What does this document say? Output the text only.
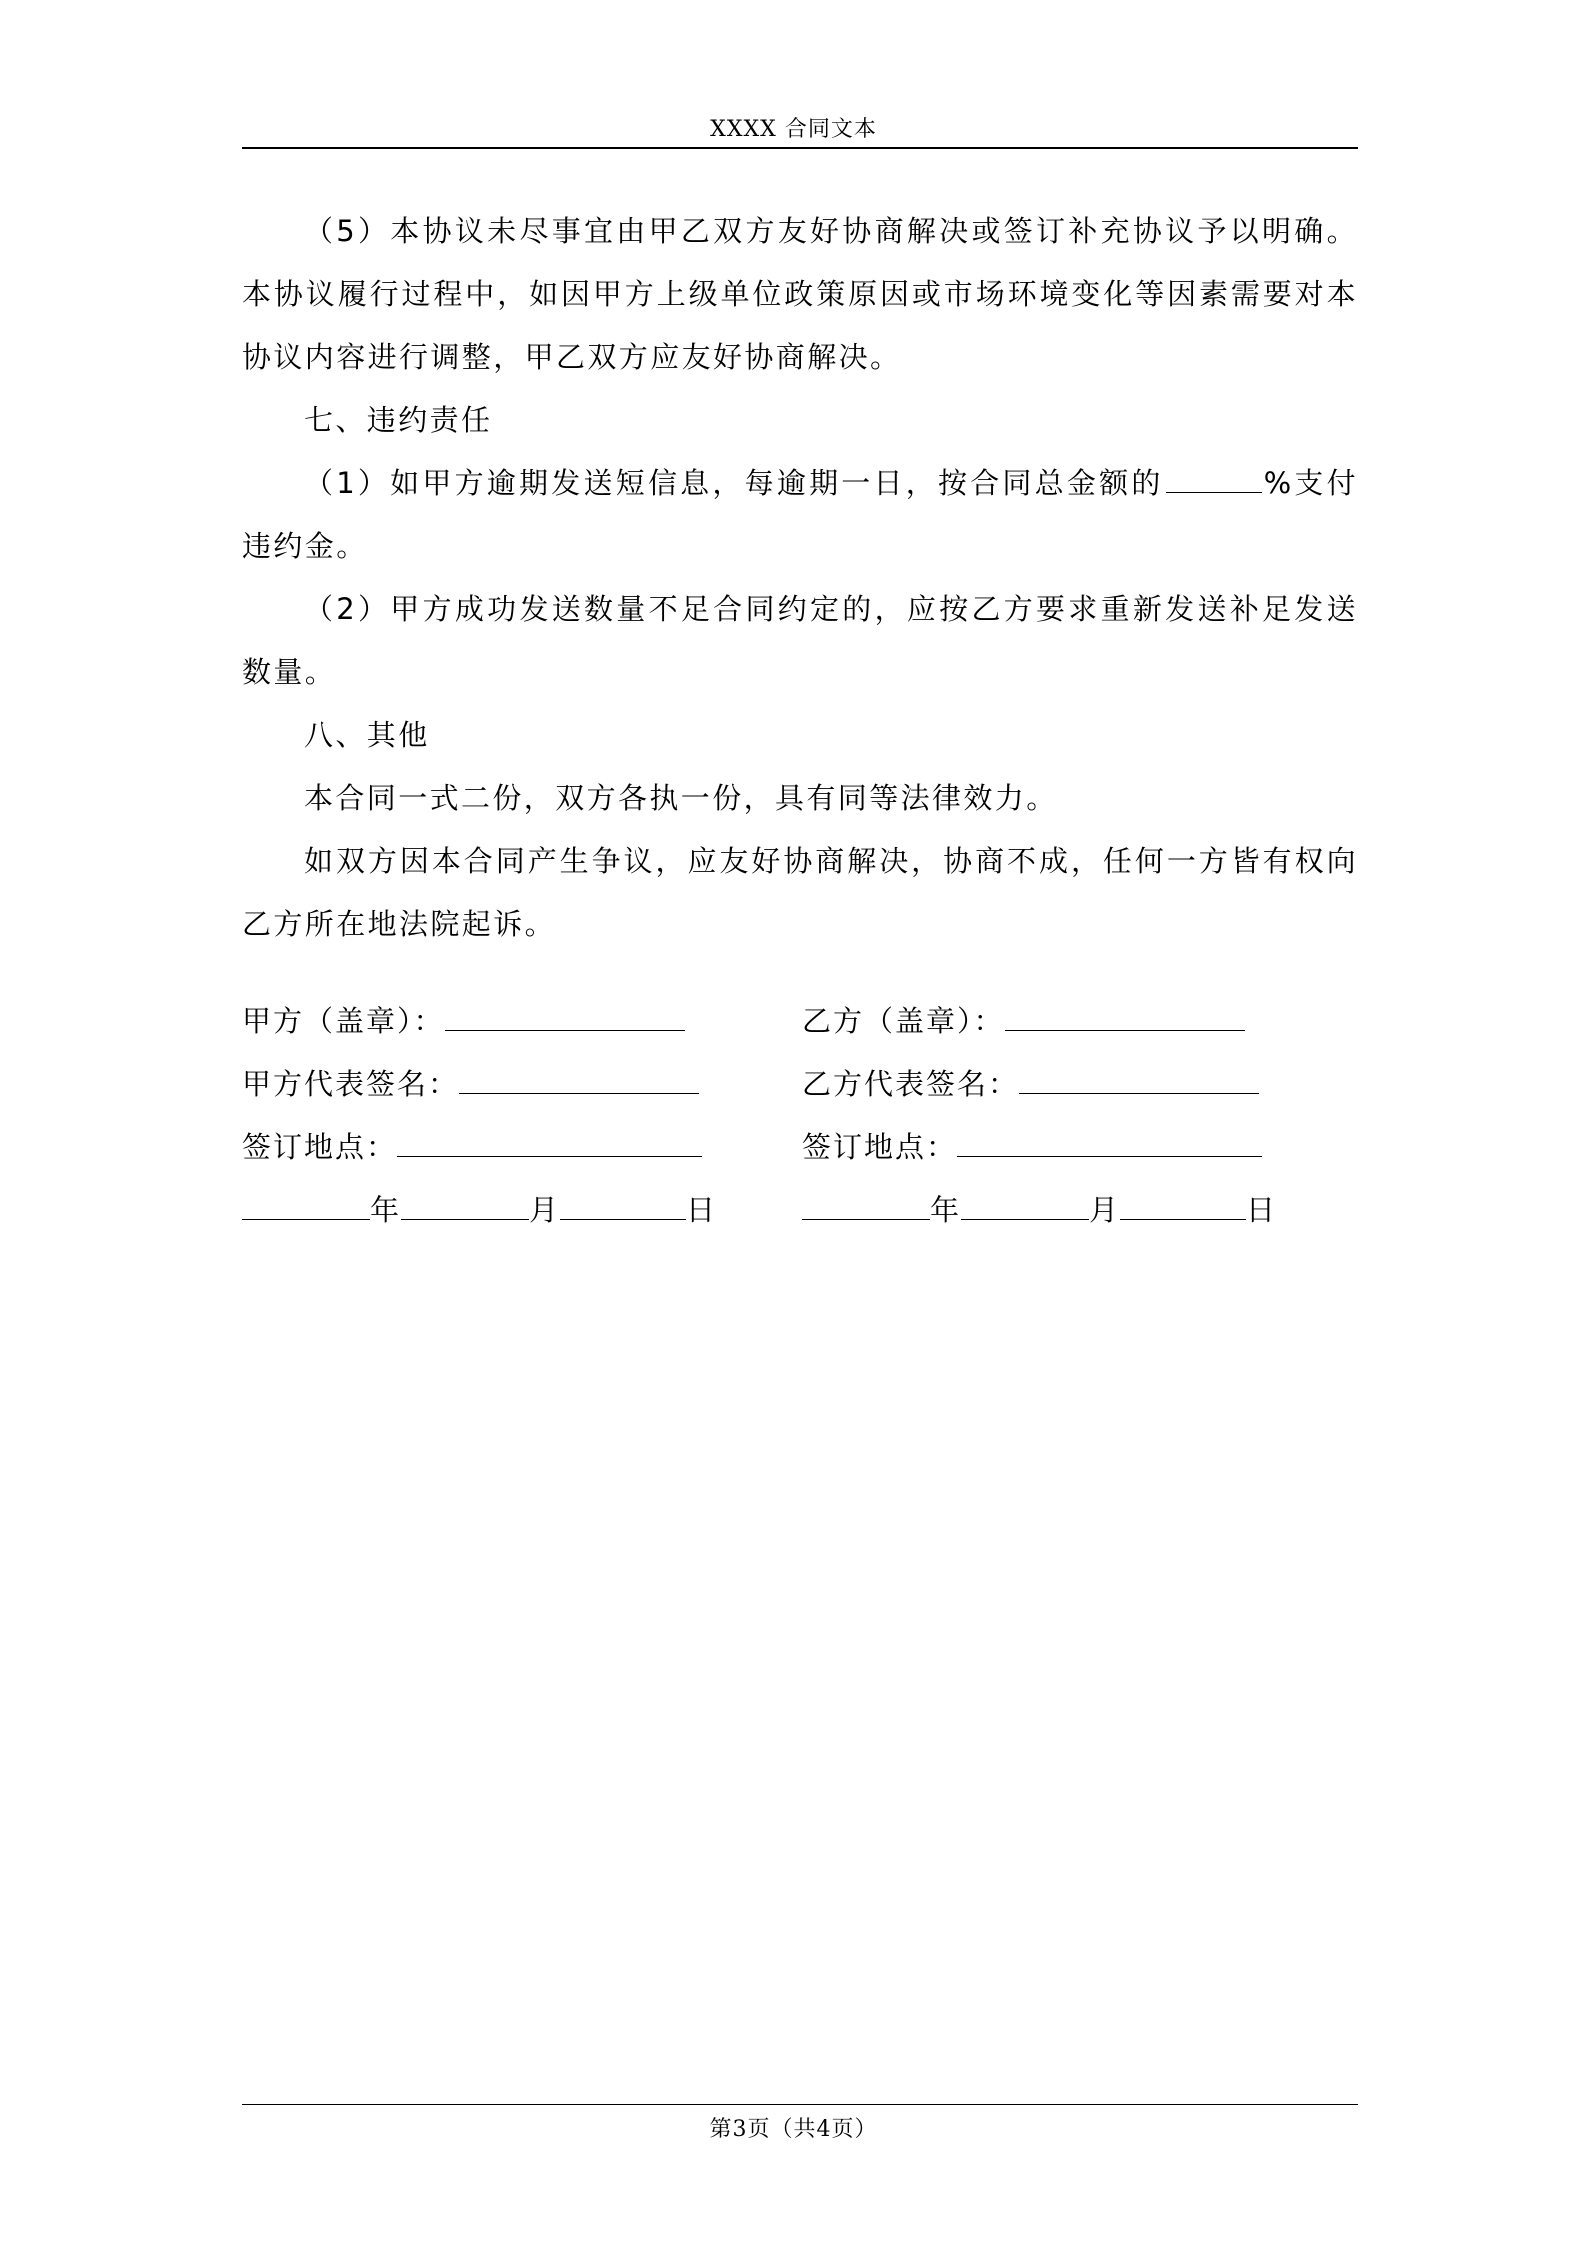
XXXX 合同文本

（5）本协议未尽事宜由甲乙双方友好协商解决或签订补充协议予以明确。本协议履行过程中，如因甲方上级单位政策原因或市场环境变化等因素需要对本协议内容进行调整，甲乙双方应友好协商解决。

七、违约责任

（1）如甲方逾期发送短信息，每逾期一日，按合同总金额的	%支付违约金。

（2）甲方成功发送数量不足合同约定的，应按乙方要求重新发送补足发送数量。

八、其他

本合同一式二份，双方各执一份，具有同等法律效力。

如双方因本合同产生争议，应友好协商解决，协商不成，任何一方皆有权向乙方所在地法院起诉。

甲方（盖章）：	乙方（盖章）：
甲方代表签名：	乙方代表签名：
签订地点：	签订地点：
年	月	日	年	月	日
第3页（共4页）
